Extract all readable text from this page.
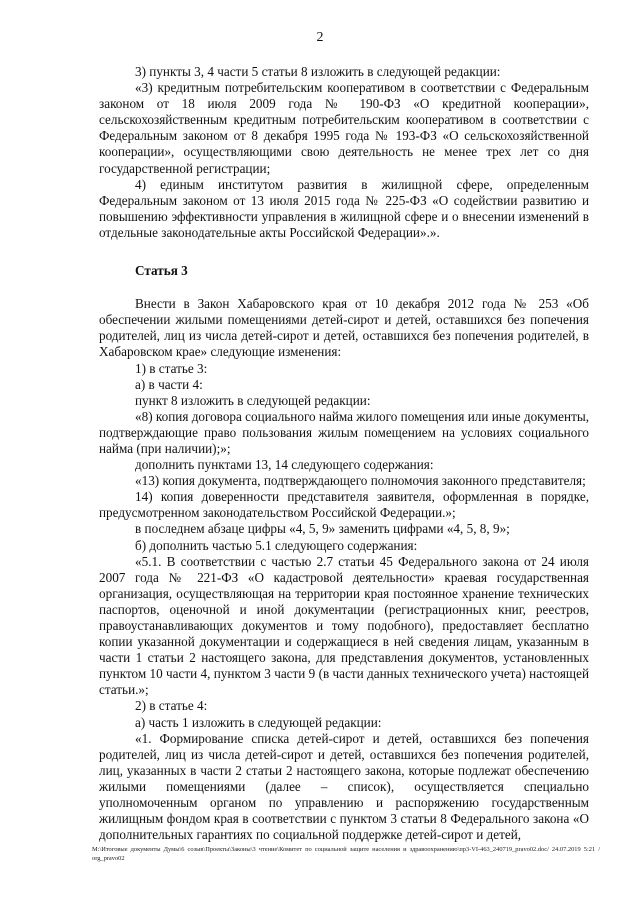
2

3) пункты 3, 4 части 5 статьи 8 изложить в следующей редакции:

«3) кредитным потребительским кооперативом в соответствии с Федеральным законом от 18 июля 2009 года № 190-ФЗ «О кредитной кооперации», сельскохозяйственным кредитным потребительским кооперативом в соответствии с Федеральным законом от 8 декабря 1995 года № 193-ФЗ «О сельскохозяйственной кооперации», осуществляющими свою деятельность не менее трех лет со дня государственной регистрации;

4) единым институтом развития в жилищной сфере, определенным Федеральным законом от 13 июля 2015 года № 225-ФЗ «О содействии развитию и повышению эффективности управления в жилищной сфере и о внесении изменений в отдельные законодательные акты Российской Федерации».».

Статья 3

Внести в Закон Хабаровского края от 10 декабря 2012 года № 253 «Об обеспечении жилыми помещениями детей-сирот и детей, оставшихся без попечения родителей, лиц из числа детей-сирот и детей, оставшихся без попечения родителей, в Хабаровском крае» следующие изменения:

1) в статье 3:

а) в части 4:

пункт 8 изложить в следующей редакции:

«8) копия договора социального найма жилого помещения или иные документы, подтверждающие право пользования жилым помещением на условиях социального найма (при наличии);»;

дополнить пунктами 13, 14 следующего содержания:

«13) копия документа, подтверждающего полномочия законного представителя;

14) копия доверенности представителя заявителя, оформленная в порядке, предусмотренном законодательством Российской Федерации.»;

в последнем абзаце цифры «4, 5, 9» заменить цифрами «4, 5, 8, 9»;

б) дополнить частью 5.1 следующего содержания:

«5.1. В соответствии с частью 2.7 статьи 45 Федерального закона от 24 июля 2007 года № 221-ФЗ «О кадастровой деятельности» краевая государственная организация, осуществляющая на территории края постоянное хранение технических паспортов, оценочной и иной документации (регистрационных книг, реестров, правоустанавливающих документов и тому подобного), предоставляет бесплатно копии указанной документации и содержащиеся в ней сведения лицам, указанным в части 1 статьи 2 настоящего закона, для представления документов, установленных пунктом 10 части 4, пунктом 3 части 9 (в части данных технического учета) настоящей статьи.»;

2) в статье 4:

а) часть 1 изложить в следующей редакции:

«1. Формирование списка детей-сирот и детей, оставшихся без попечения родителей, лиц из числа детей-сирот и детей, оставшихся без попечения родителей, лиц, указанных в части 2 статьи 2 настоящего закона, которые подлежат обеспечению жилыми помещениями (далее – список), осуществляется специально уполномоченным органом по управлению и распоряжению государственным жилищным фондом края в соответствии с пунктом 3 статьи 8 Федерального закона «О дополнительных гарантиях по социальной поддержке детей-сирот и детей,

M:\Итоговые документы Думы\6 созыв\Проекты\Законы\3 чтение\Комитет по социальной защите населения и здравоохранению\пр3-VI-463_240719_pravo02.doc/ 24.07.2019 5:21 / org_pravo02
